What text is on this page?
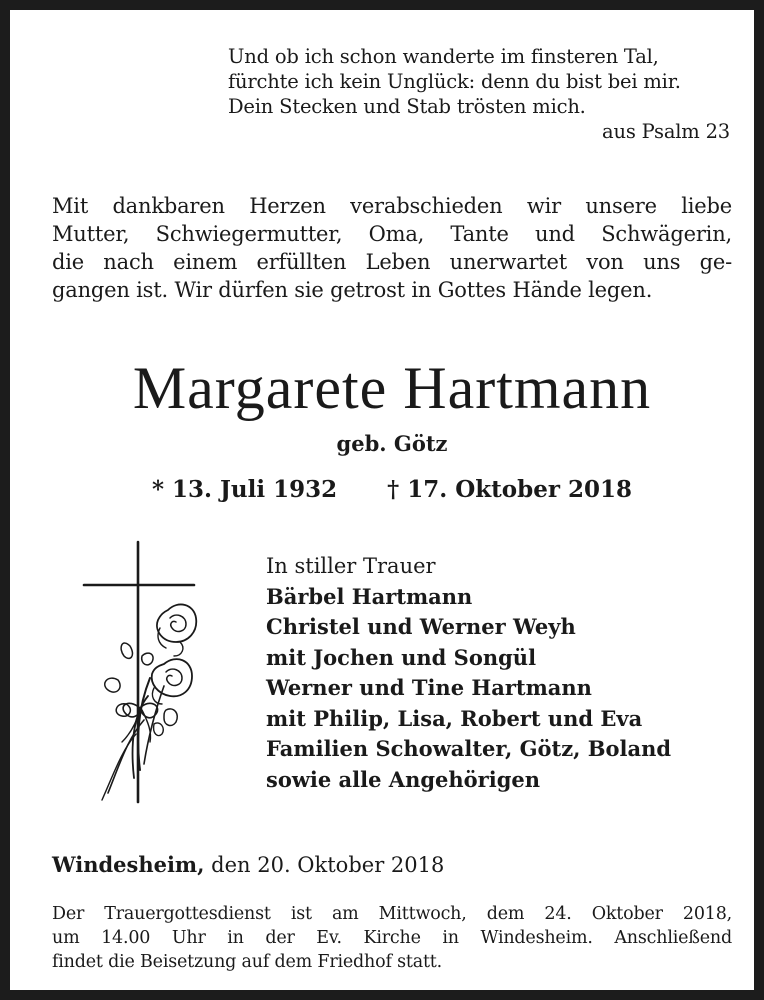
Und ob ich schon wanderte im finsteren Tal,
fürchte ich kein Unglück: denn du bist bei mir.
Dein Stecken und Stab trösten mich.
aus Psalm 23
Mit dankbaren Herzen verabschieden wir unsere liebe
Mutter, Schwiegermutter, Oma, Tante und Schwägerin,
die nach einem erfüllten Leben unerwartet von uns ge-
gangen ist. Wir dürfen sie getrost in Gottes Hände legen.
Margarete Hartmann
geb. Götz
* 13. Juli 1932 † 17. Oktober 2018
In stiller Trauer
Bärbel Hartmann
Christel und Werner Weyh
mit Jochen und Songül
Werner und Tine Hartmann
mit Philip, Lisa, Robert und Eva
Familien Schowalter, Götz, Boland
sowie alle Angehörigen
Windesheim, den 20. Oktober 2018
Der Trauergottesdienst ist am Mittwoch, dem 24. Oktober 2018,
um 14.00 Uhr in der Ev. Kirche in Windesheim. Anschließend
findet die Beisetzung auf dem Friedhof statt.
